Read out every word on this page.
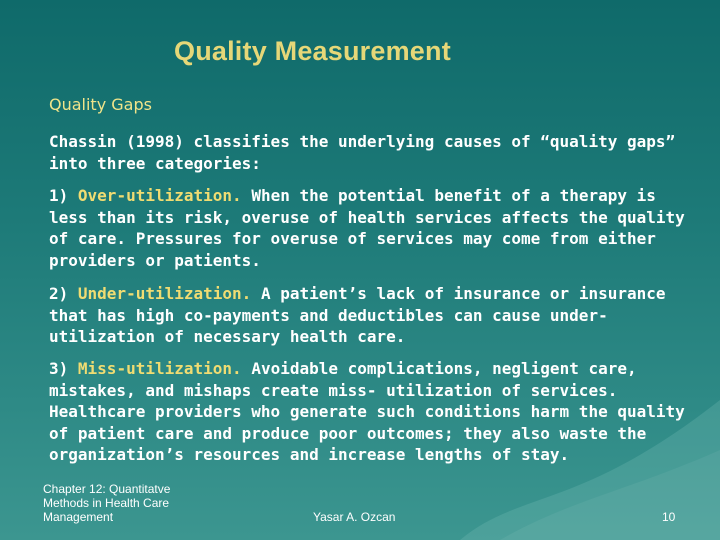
Quality Measurement
Quality Gaps

Chassin (1998) classifies the underlying causes of “quality gaps” into three categories:

1) Over-utilization. When the potential benefit of a therapy is less than its risk, overuse of health services affects the quality of care. Pressures for overuse of services may come from either providers or patients.

2) Under-utilization. A patient’s lack of insurance or insurance that has high co-payments and deductibles can cause under-utilization of necessary health care.

3) Miss-utilization. Avoidable complications, negligent care, mistakes, and mishaps create miss- utilization of services. Healthcare providers who generate such conditions harm the quality of patient care and produce poor outcomes; they also waste the organization’s resources and increase lengths of stay.

Chapter 12: Quantitatve
Methods in Health Care
Management	Yasar A. Ozcan	10
